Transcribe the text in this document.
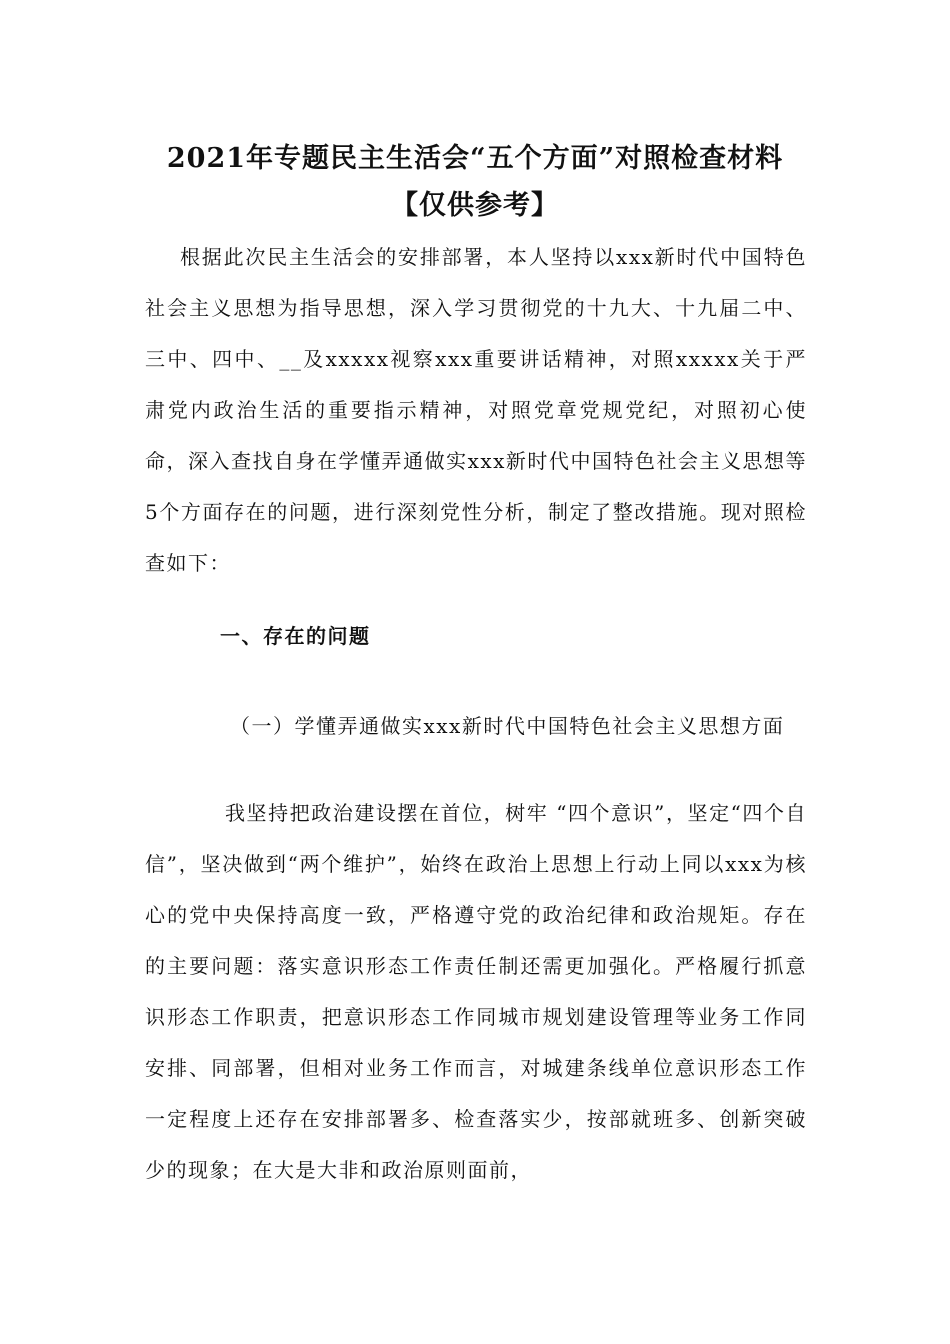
2021年专题民主生活会“五个方面”对照检查材料
【仅供参考】

根据此次民主生活会的安排部署，本人坚持以xxx新时代中国特色社会主义思想为指导思想，深入学习贯彻党的十九大、十九届二中、三中、四中、__及xxxxx视察xxx重要讲话精神，对照xxxxx关于严肃党内政治生活的重要指示精神，对照党章党规党纪，对照初心使命，深入查找自身在学懂弄通做实xxx新时代中国特色社会主义思想等5个方面存在的问题，进行深刻党性分析，制定了整改措施。现对照检查如下：

一、存在的问题

（一）学懂弄通做实xxx新时代中国特色社会主义思想方面

我坚持把政治建设摆在首位，树牢 “四个意识”，坚定“四个自信”，坚决做到“两个维护”，始终在政治上思想上行动上同以xxx为核心的党中央保持高度一致，严格遵守党的政治纪律和政治规矩。存在的主要问题：落实意识形态工作责任制还需更加强化。严格履行抓意识形态工作职责，把意识形态工作同城市规划建设管理等业务工作同安排、同部署，但相对业务工作而言，对城建条线单位意识形态工作一定程度上还存在安排部署多、检查落实少，按部就班多、创新突破少的现象；在大是大非和政治原则面前，
